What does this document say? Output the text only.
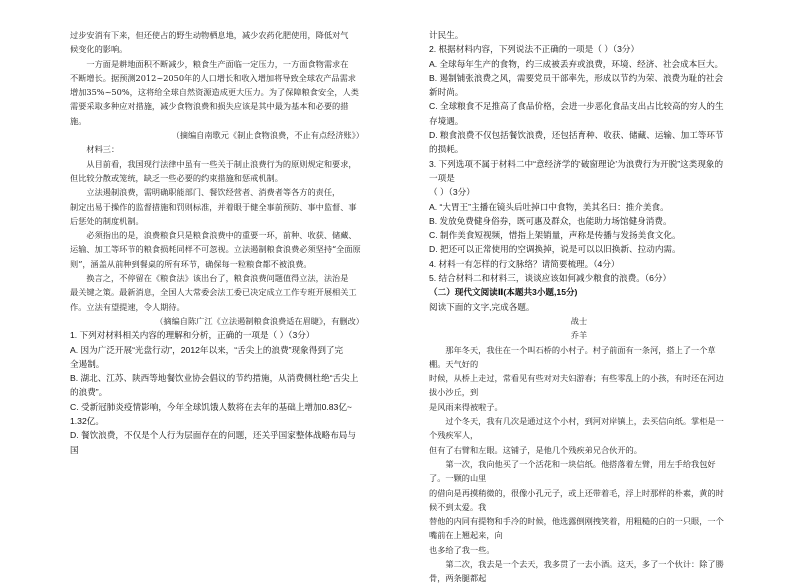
过步安消有下来，但还使占的野生动物栖息地，减少农药化肥使用，降低对气

候变化的影响。

一方面是耕地面积不断减少，粮食生产面临一定压力，一方面食物需求在

不断增长。据预测2012~2050年的人口增长和收入增加将导致全球农产品需求

增加35%~50%，这将给全球自然资源造成更大压力。为了保障粮食安全，人类

需要采取多种应对措施，减少食物浪费和损失应该是其中最为基本和必要的措施。

（摘编自南歌元《制止食物浪费，不止有点经济账》）

材料三：

从目前看，我国现行法律中虽有一些关于制止浪费行为的原则规定和要求，

但比较分散或笼统，缺乏一些必要的约束措施和惩戒机制。

立法遏制浪费，需明确职能部门、餐饮经营者、消费者等各方的责任，

制定出易于操作的监督措施和罚则标准，并着眼于健全事前预防、事中监督、事

后惩处的制度机制。

必须指出的是，浪费粮食只是粮食浪费中的重要一环，前种、收获、储藏、

运输、加工等环节的粮食损耗同样不可忽视。立法遏制粮食浪费必须坚持“全面原

则”，涵盖从前种到餐桌的所有环节，确保每一粒粮食都不被浪费。

换言之，不停留在《粮食法》该出台了，粮食浪费问题值得立法，法治是

最关键之策。最新消息，全国人大常委会法工委已决定成立工作专班开展相关工

作。立法有望提速，令人期待。

（摘编自陈广江《立法遏制粮食浪费适在眉睫》，有删改）

1. 下列对材料相关内容的理解和分析，正确的一项是（ ）（3分）

A. 因为广泛开展“光盘行动”，2012年以来，“舌尖上的浪费”现象得到了完

全遏制。

B. 湖北、江苏、陕西等地餐饮业协会倡议的节约措施，从消费侧杜绝“舌尖上

的浪费”。

C. 受新冠肺炎疫情影响，今年全球饥饿人数将在去年的基础上增加0.83亿~

1.32亿。

D. 餐饮浪费，不仅是个人行为层面存在的问题，还关乎国家整体战略布局与国

计民生。

2. 根据材料内容，下列说法不正确的一项是（ ）（3分）

A. 全球每年生产的食物，约三成被丢弃或浪费，环境、经济、社会成本巨大。

B. 遏制铺张浪费之风，需要党员干部率先，形成以节约为荣、浪费为耻的社会新时尚。

C. 全球粮食不足推高了食品价格，会进一步恶化食品支出占比较高的穷人的生存境遇。

D. 粮食浪费不仅包括餐饮浪费，还包括育种、收获、储藏、运输、加工等环节的损耗。

3. 下列选项不属于材料二中“意经济学的‘破窗理论’为浪费行为开脱”这类现象的一项是

（ ）（3分）

A. “大胃王”主播在镜头后吐掉口中食物，美其名曰：推介美食。

B. 发放免费健身俗券，既可惠及群众，也能助力场馆健身消费。

C. 制作美食短视频，惜指上架销量，声称是传播与发扬美食文化。

D. 把还可以正常使用的空调换掉，说是可以以旧换新、拉动内需。

4. 材料一有怎样的行文脉络？请简要梳理。（4分）

5. 结合材料二和材料三，谈谈应该如何减少粮食的浪费。（6分）

（二）现代文阅读Ⅱ(本题共3小题,15分)

阅读下面的文字,完成各题。

战士

乔羊

那年冬天，我住在一个叫石桥的小村子。村子前面有一条河，搭上了一个草棚。天气好的

时候，从桥上走过，常看见有些对对夫妇游春；有些零乱上的小孩，有时还在河边拔小沙丘，到

是风雨来得被啦子。

过个冬天，我有几次是通过这个小村，到河对岸镇上，去买信向纸。掌柜是一个残疾军人，

但有了右臂和左眼。这铺子，是他几个残疾弟兄合伙开的。

第一次，我向他买了一个活花和一块信纸。他搭落着左臂，用左手给我包好了。一颗的山里

的借向是再摸稍微的，很像小孔元子，或上还带着毛，浮上时那样的朴素，黄的时候不到太爱。我

替他的内同有提物和手冷的时候，他选露倒刚拽笑着，用粗糙的白的一只眼，一个嘴前在上翘起来，向

也多给了我一些。

第二次，我去是一个去天，我多贯了一去小酒。这天，多了一个伙计：除了勝骨，两条腿都起
